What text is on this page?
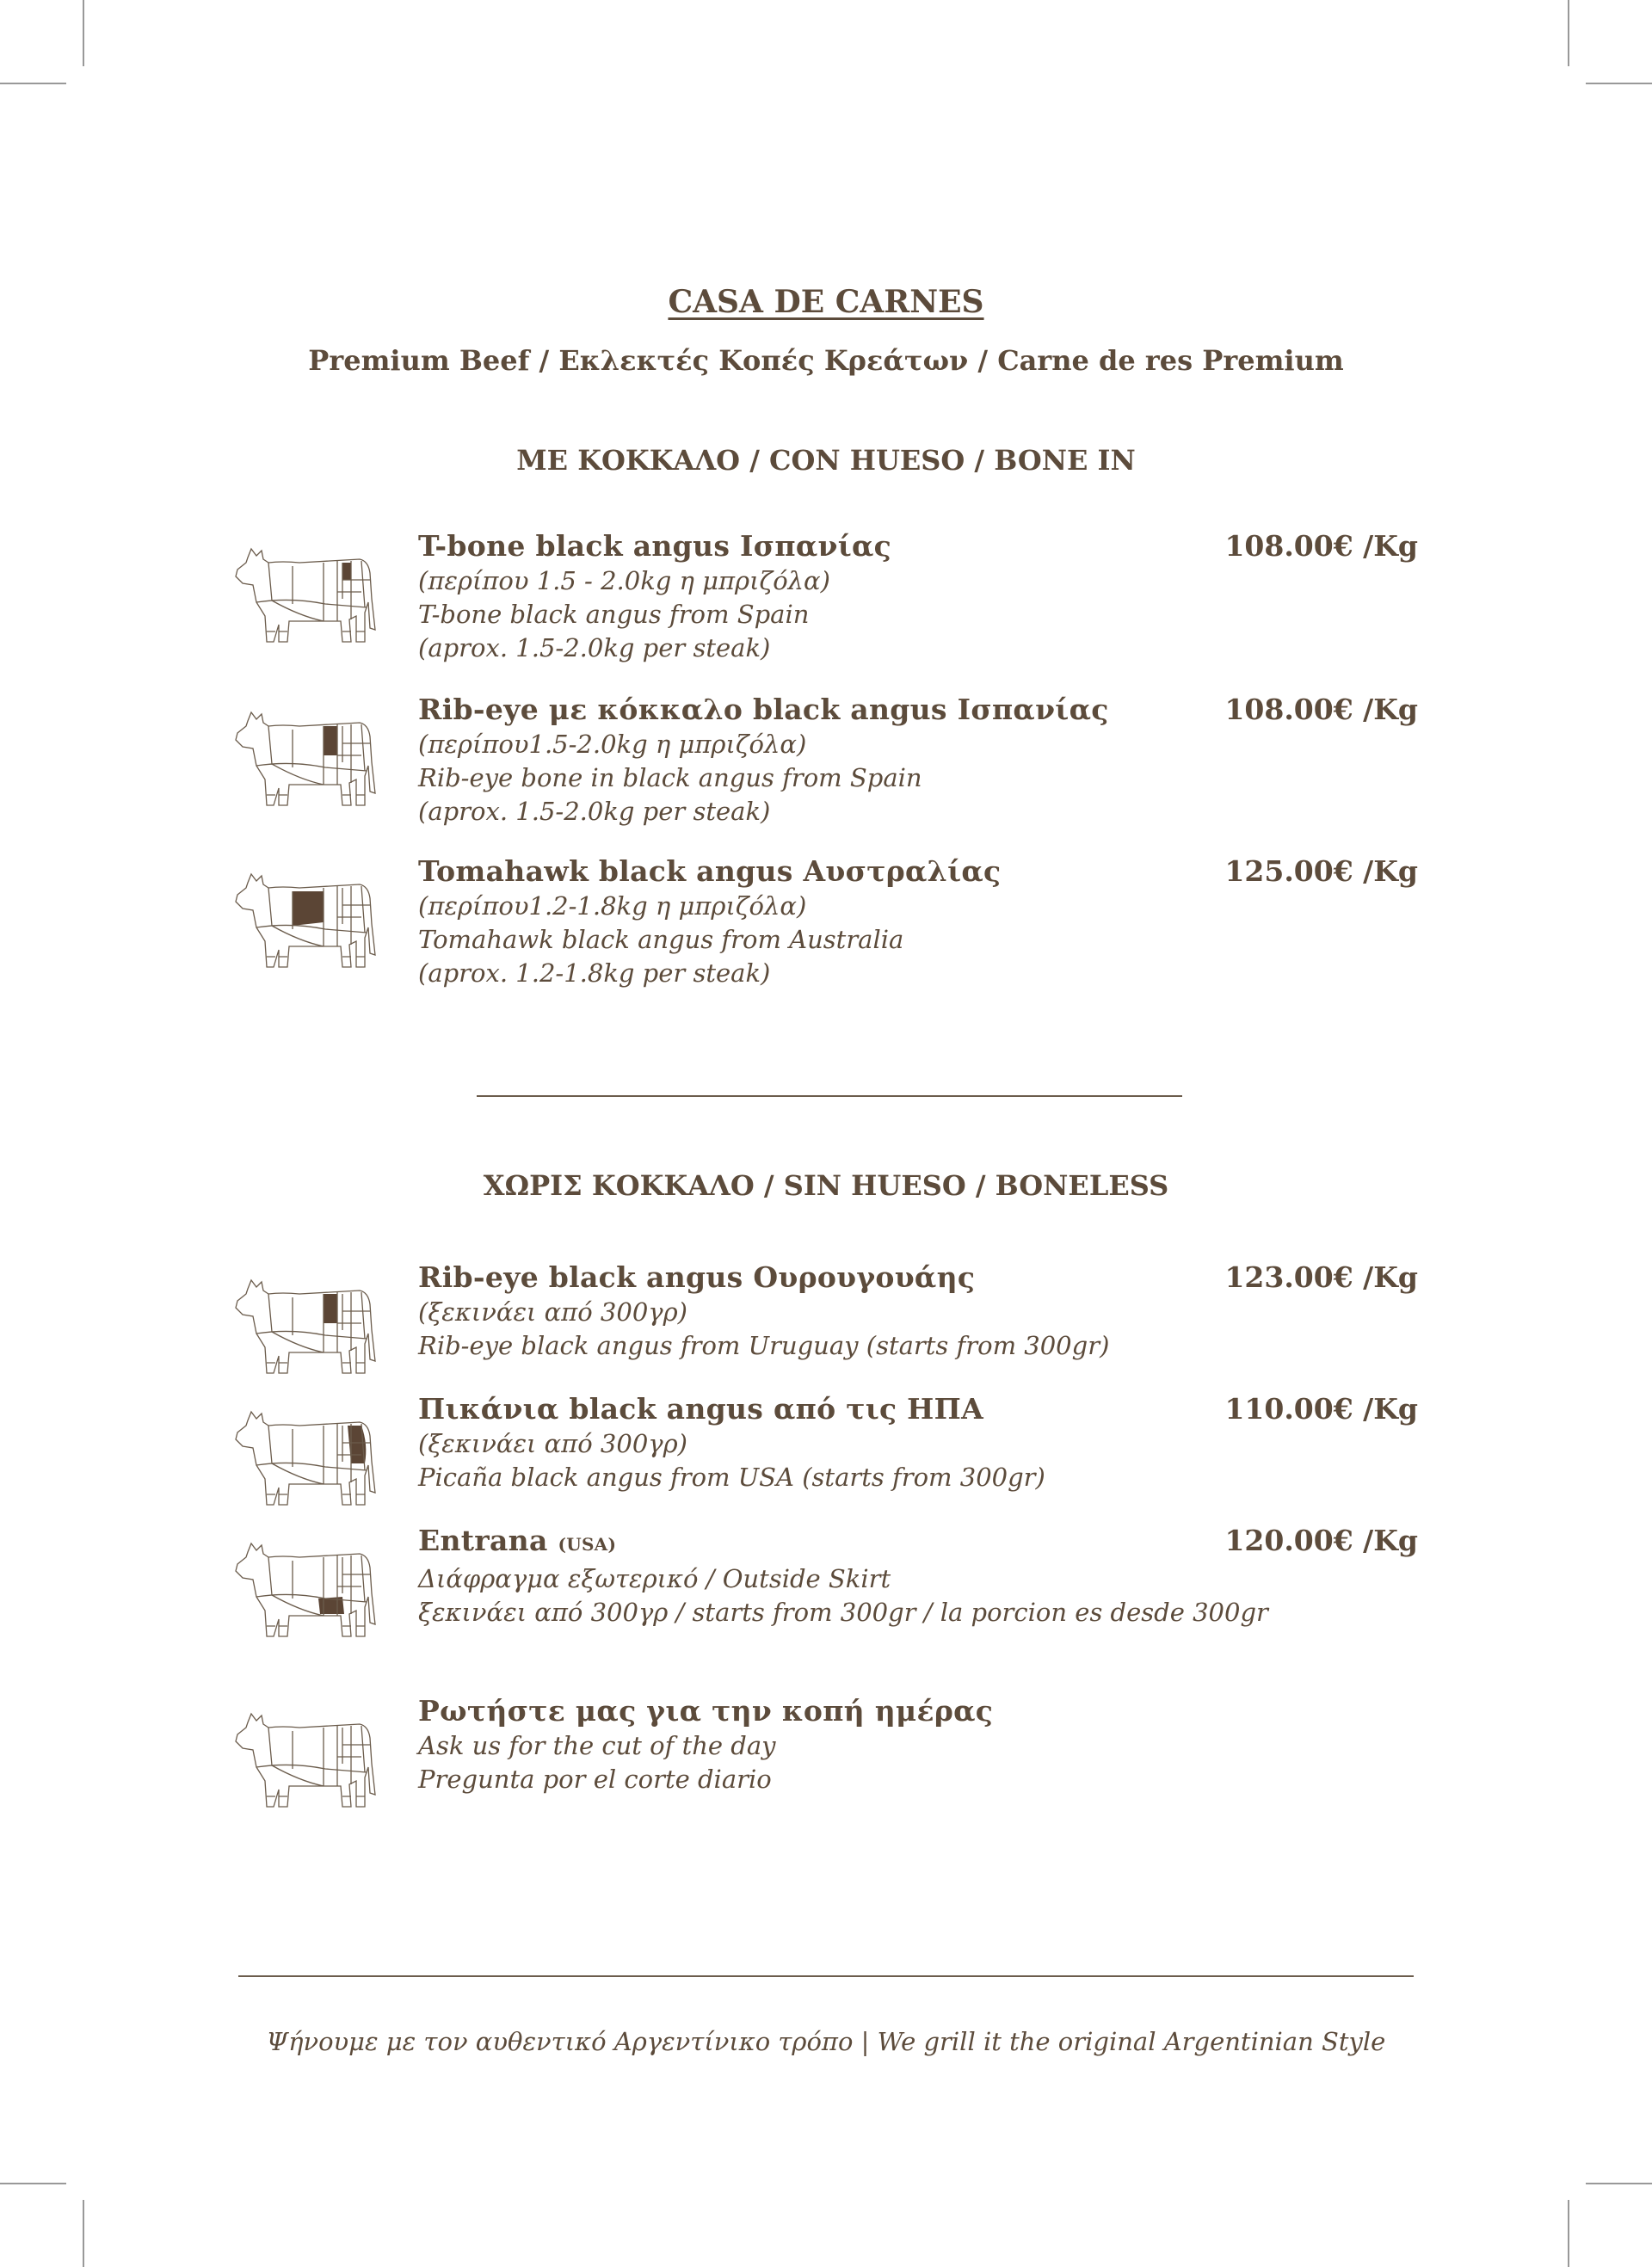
CASA DE CARNES
Premium Beef / Εκλεκτές Κοπές Κρεάτων / Carne de res Premium
ΜΕ ΚΟΚΚΑΛΟ / CON HUESO / BONE IN
T-bone black angus Ισπανίας
(περίπου 1.5 - 2.0kg η μπριζόλα)
T-bone black angus from Spain
(aprox. 1.5-2.0kg per steak)
108.00€ /Kg
Rib-eye με κόκκαλο black angus Ισπανίας
(περίπου1.5-2.0kg η μπριζόλα)
Rib-eye bone in black angus from Spain
(aprox. 1.5-2.0kg per steak)
108.00€ /Kg
Tomahawk black angus Αυστραλίας
(περίπου1.2-1.8kg η μπριζόλα)
Tomahawk black angus from Australia
(aprox. 1.2-1.8kg per steak)
125.00€ /Kg
ΧΩΡΙΣ ΚΟΚΚΑΛΟ / SIN HUESO / BONELESS
Rib-eye black angus Ουρουγουάης
(ξεκινάει από 300γρ)
Rib-eye black angus from Uruguay (starts from 300gr)
123.00€ /Kg
Πικάνια black angus από τις ΗΠΑ
(ξεκινάει από 300γρ)
Picaña black angus from USA (starts from 300gr)
110.00€ /Kg
Entrana (USA)
Διάφραγμα εξωτερικό / Outside Skirt
ξεκινάει από 300γρ / starts from 300gr / la porcion es desde 300gr
120.00€ /Kg
Ρωτήστε μας για την κοπή ημέρας
Ask us for the cut of the day
Pregunta por el corte diario
Ψήνουμε με τον αυθεντικό Αργεντίνικο τρόπο | We grill it the original Argentinian Style
